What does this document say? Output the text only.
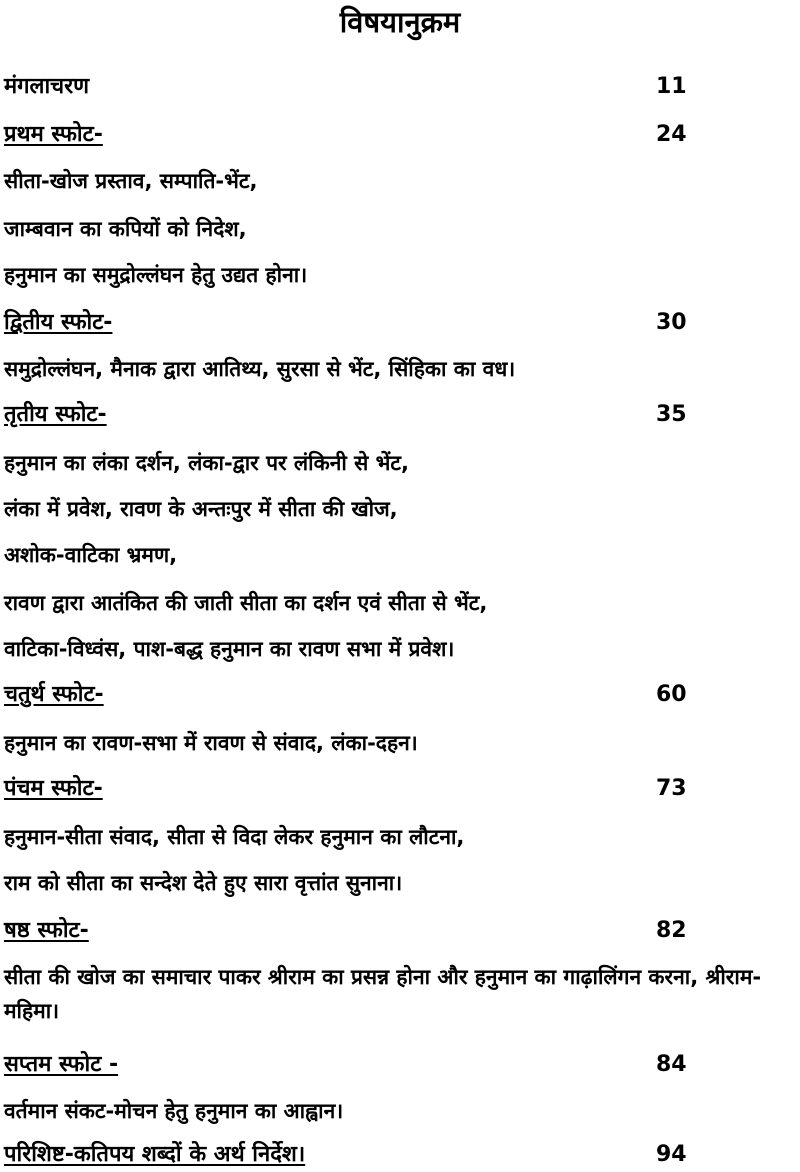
विषयानुक्रम
मंगलाचरण	11
प्रथम स्फोट-	24
सीता-खोज प्रस्ताव, सम्पाति-भेंट,
जाम्बवान का कपियों को निदेश,
हनुमान का समुद्रोल्लंघन हेतु उद्यत होना।
द्वितीय स्फोट-	30
समुद्रोल्लंघन, मैनाक द्वारा आतिथ्य, सुरसा से भेंट, सिंहिका का वध।
तृतीय स्फोट-	35
हनुमान का लंका दर्शन, लंका-द्वार पर लंकिनी से भेंट,
लंका में प्रवेश, रावण के अन्तःपुर में सीता की खोज,
अशोक-वाटिका भ्रमण,
रावण द्वारा आतंकित की जाती सीता का दर्शन एवं सीता से भेंट,
वाटिका-विध्वंस, पाश-बद्ध हनुमान का रावण सभा में प्रवेश।
चतुर्थ स्फोट-	60
हनुमान का रावण-सभा में रावण से संवाद, लंका-दहन।
पंचम स्फोट-	73
हनुमान-सीता संवाद, सीता से विदा लेकर हनुमान का लौटना,
राम को सीता का सन्देश देते हुए सारा वृत्तांत सुनाना।
षष्ठ स्फोट-	82
सीता की खोज का समाचार पाकर श्रीराम का प्रसन्न होना और हनुमान का गाढ़ालिंगन करना, श्रीराम-महिमा।
सप्तम स्फोट -	84
वर्तमान संकट-मोचन हेतु हनुमान का आह्वान।
परिशिष्ट-कतिपय शब्दों के अर्थ निर्देश।	94
